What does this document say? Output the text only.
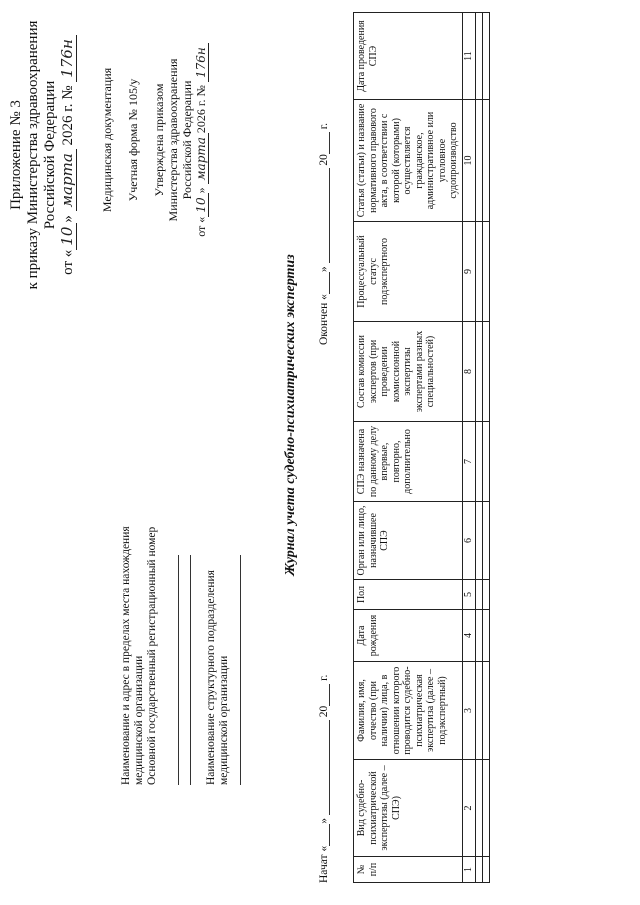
Приложение № 3 к приказу Министерства здравоохранения Российской Федерации
от «10» марта 2026 г. № 176н
Медицинская документация Учетная форма № 105/у Утверждена приказом Министерства здравоохранения Российской Федерации
от «10» марта2026 г. № 176н
Наименование и адрес в пределах места нахождения медицинской организации Основной государственный регистрационный номер	Наименование структурного подразделения медицинской организации
Журнал учета судебно-психиатрических экспертиз
Начат «»  20 г.
Окончен «»  20 г.
№ п/п	Вид судебно-психиатрической экспертизы (далее – СПЭ)	Фамилия, имя, отчество (при наличии) лица, в отношении которого проводится судебно-психиатрическая экспертиза (далее – подэкспертный)	Дата рождения	Пол	Орган или лицо, назначившее СПЭ	СПЭ назначена по данному делу впервые, повторно, дополнительно	Состав комиссии экспертов (при проведении комиссионной экспертизы экспертами разных специальностей)	Процессуальный статус подэкспертного	Статья (статьи) и название нормативного правового акта, в соответствии с которой (которыми) осуществляется гражданское, административное или уголовное судопроизводство	Дата проведения СПЭ
1	2	3	4	5	6	7	8	9	10	11
